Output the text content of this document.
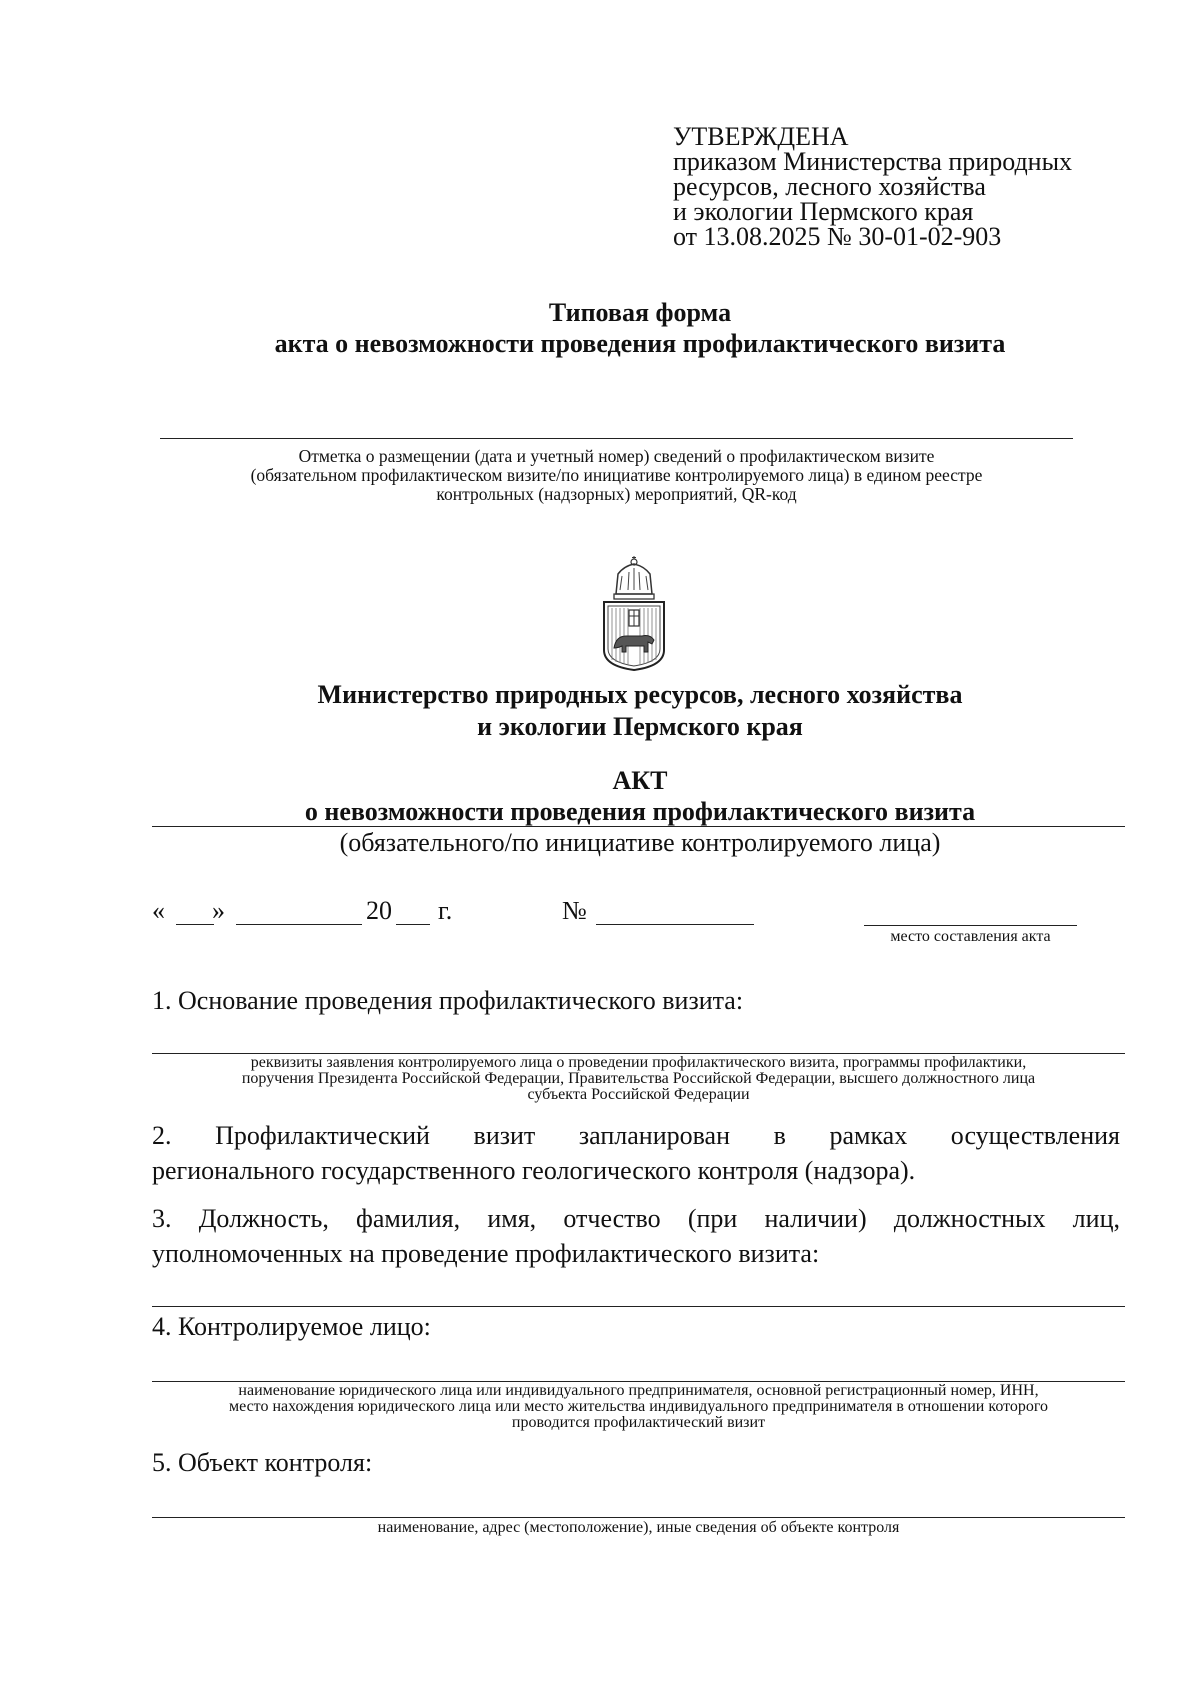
УТВЕРЖДЕНА
приказом Министерства природных
ресурсов, лесного хозяйства
и экологии Пермского края
от 13.08.2025 № 30-01-02-903
Типовая форма
акта о невозможности проведения профилактического визита
Отметка о размещении (дата и учетный номер) сведений о профилактическом визите
(обязательном профилактическом визите/по инициативе контролируемого лица) в едином реестре
контрольных (надзорных) мероприятий, QR-код
Министерство природных ресурсов, лесного хозяйства
и экологии Пермского края
АКТ
о невозможности проведения профилактического визита
(обязательного/по инициативе контролируемого лица)
« »	20 г.	№
место составления акта
1. Основание проведения профилактического визита:
реквизиты заявления контролируемого лица о проведении профилактического визита, программы профилактики,
поручения Президента Российской Федерации, Правительства Российской Федерации, высшего должностного лица
субъекта Российской Федерации
2. Профилактический визит запланирован в рамках осуществления
регионального государственного геологического контроля (надзора).
3. Должность, фамилия, имя, отчество (при наличии) должностных лиц,
уполномоченных на проведение профилактического визита:
4. Контролируемое лицо:
наименование юридического лица или индивидуального предпринимателя, основной регистрационный номер, ИНН,
место нахождения юридического лица или место жительства индивидуального предпринимателя в отношении которого
проводится профилактический визит
5. Объект контроля:
наименование, адрес (местоположение), иные сведения об объекте контроля
